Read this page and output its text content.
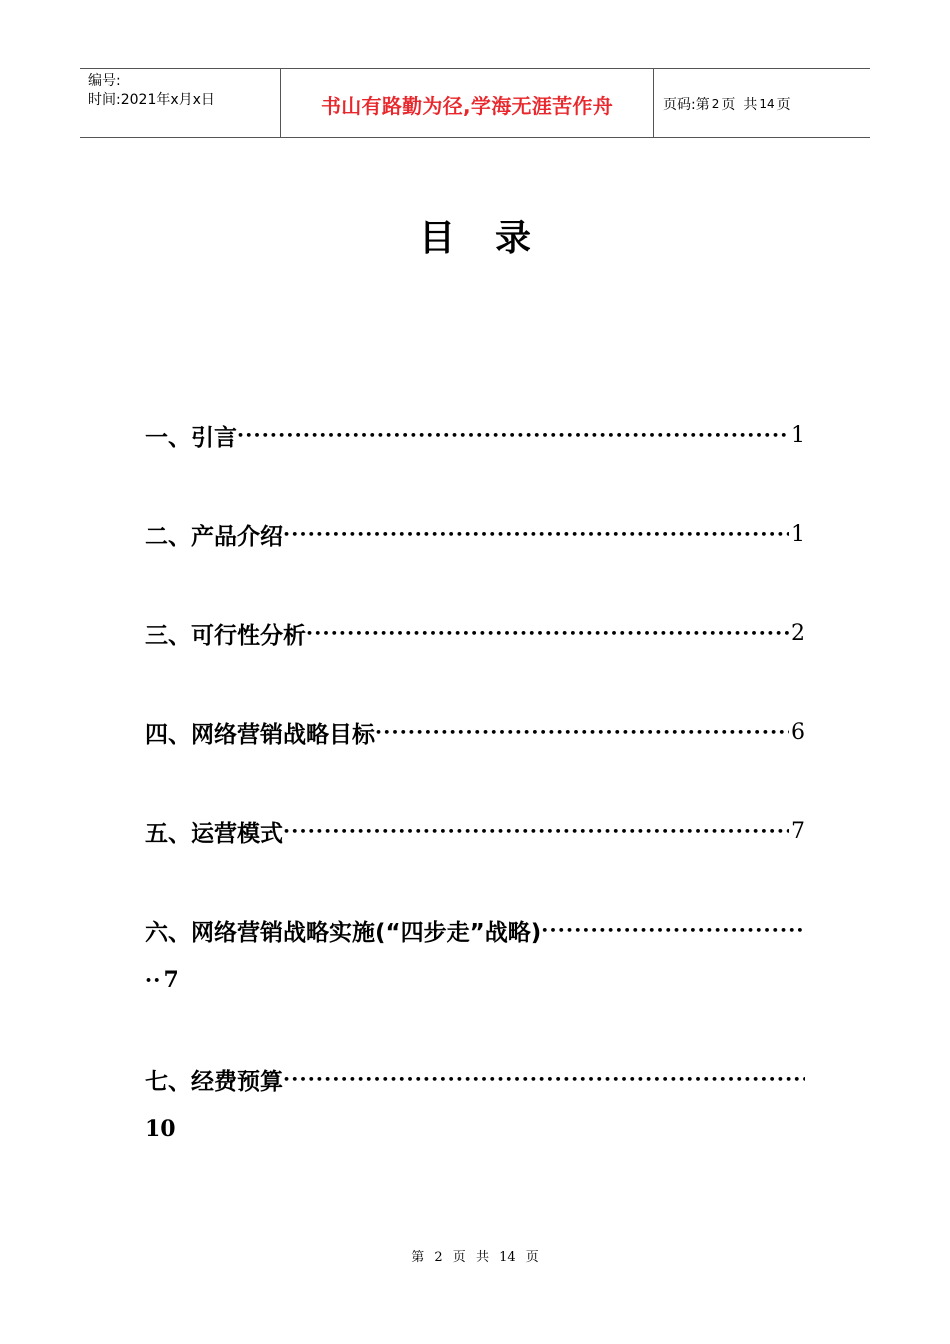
编号:
时间:2021年x月x日	书山有路勤为径,学海无涯苦作舟	页码:第 2 页 共 14 页
目录
一、引言 •••••	1
二、产品介绍 •••••	1
三、可行性分析 •••••	2
四、网络营销战略目标 •••••	6
五、运营模式 •••••	7
六、网络营销战略实施(“四步走”战略)
•••••
•• 7
七、经费预算
•••••
10
第 2 页 共 14 页
